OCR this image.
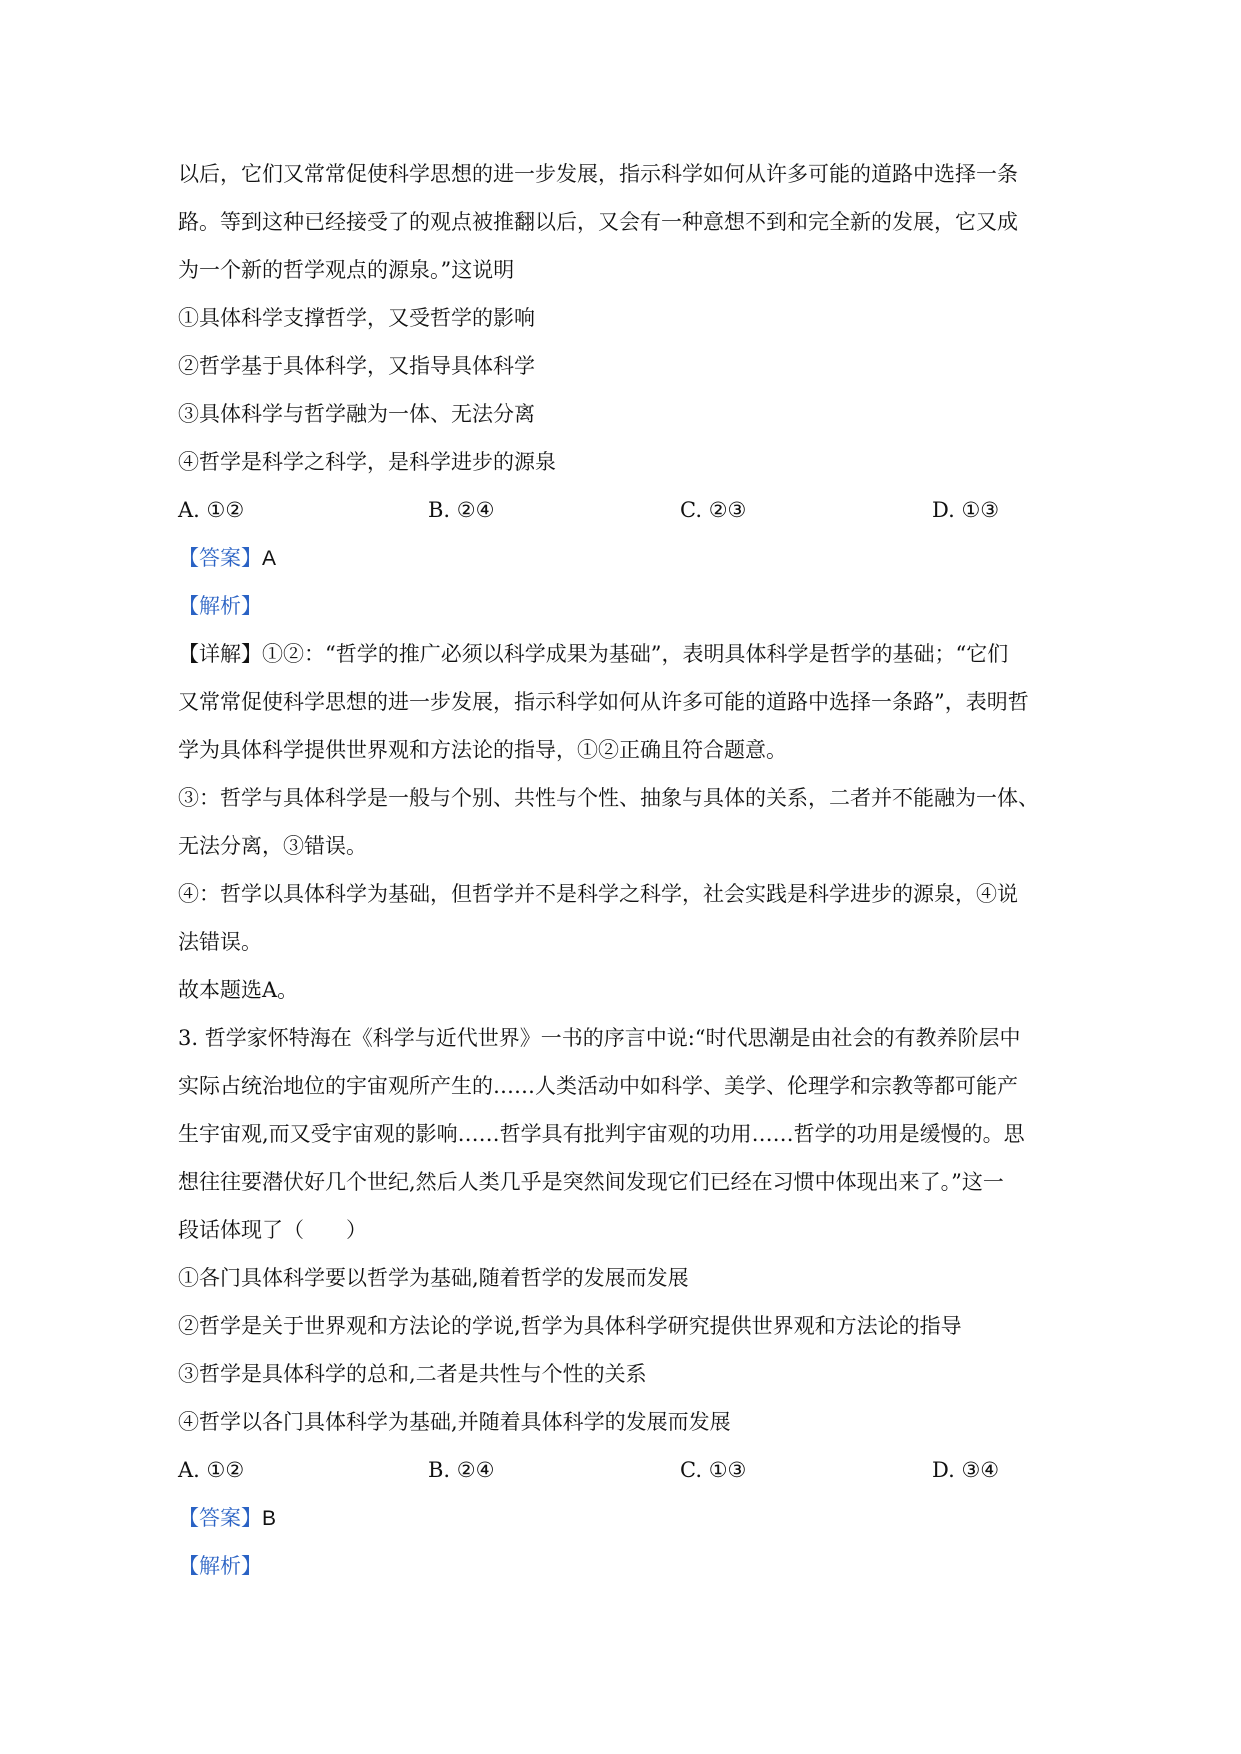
以后，它们又常常促使科学思想的进一步发展，指示科学如何从许多可能的道路中选择一条
路。等到这种已经接受了的观点被推翻以后，又会有一种意想不到和完全新的发展，它又成
为一个新的哲学观点的源泉。”这说明
①具体科学支撑哲学，又受哲学的影响
②哲学基于具体科学，又指导具体科学
③具体科学与哲学融为一体、无法分离
④哲学是科学之科学，是科学进步的源泉
A. ①②	B. ②④	C. ②③	D. ①③
【答案】A
【解析】
【详解】①②：“哲学的推广必须以科学成果为基础”，表明具体科学是哲学的基础；“它们
又常常促使科学思想的进一步发展，指示科学如何从许多可能的道路中选择一条路”，表明哲
学为具体科学提供世界观和方法论的指导，①②正确且符合题意。
③：哲学与具体科学是一般与个别、共性与个性、抽象与具体的关系，二者并不能融为一体、
无法分离，③错误。
④：哲学以具体科学为基础，但哲学并不是科学之科学，社会实践是科学进步的源泉，④说
法错误。
故本题选A。
3. 哲学家怀特海在《科学与近代世界》一书的序言中说:“时代思潮是由社会的有教养阶层中
实际占统治地位的宇宙观所产生的……人类活动中如科学、美学、伦理学和宗教等都可能产
生宇宙观,而又受宇宙观的影响……哲学具有批判宇宙观的功用……哲学的功用是缓慢的。思
想往往要潜伏好几个世纪,然后人类几乎是突然间发现它们已经在习惯中体现出来了。”这一
段话体现了（　　）
①各门具体科学要以哲学为基础,随着哲学的发展而发展
②哲学是关于世界观和方法论的学说,哲学为具体科学研究提供世界观和方法论的指导
③哲学是具体科学的总和,二者是共性与个性的关系
④哲学以各门具体科学为基础,并随着具体科学的发展而发展
A. ①②	B. ②④	C. ①③	D. ③④
【答案】B
【解析】
